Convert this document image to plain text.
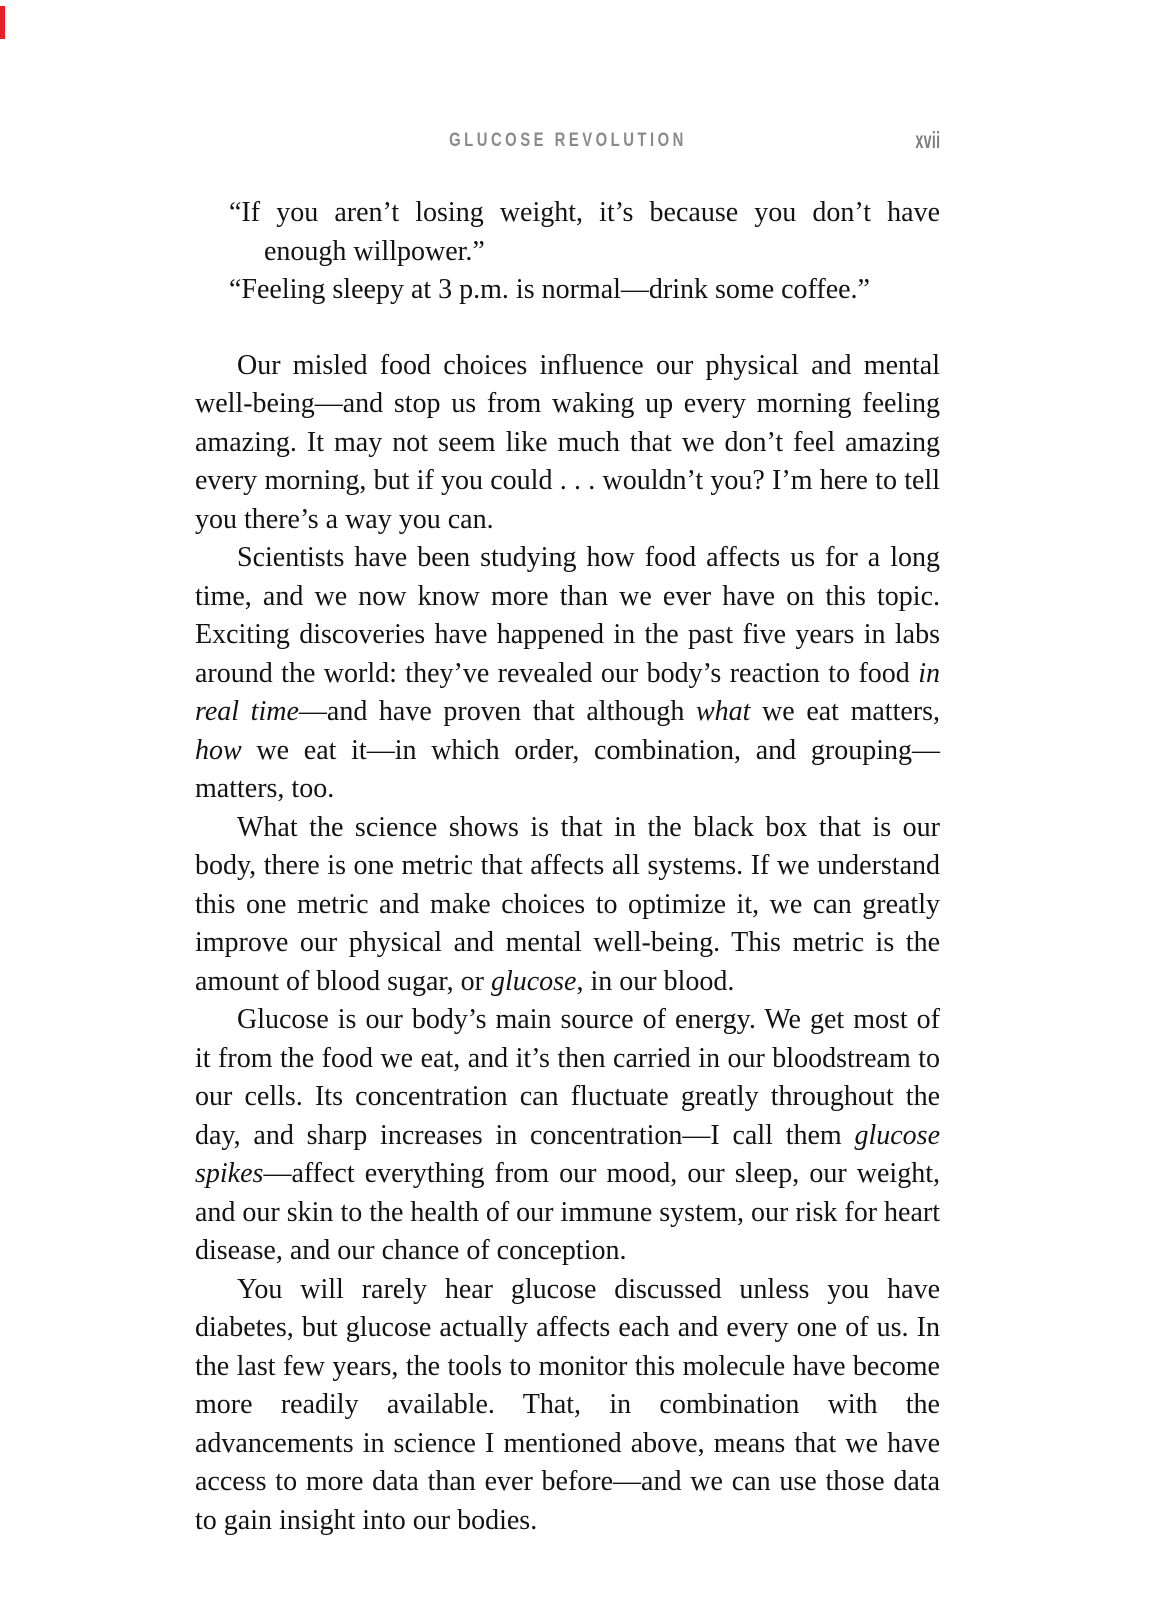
GLUCOSE REVOLUTION	xvii

“If you aren’t losing weight, it’s because you don’t have enough willpower.”

“Feeling sleepy at 3 p.m. is normal—drink some coffee.”

Our misled food choices influence our physical and mental well-being—and stop us from waking up every morning feeling amazing. It may not seem like much that we don’t feel amazing every morning, but if you could . . . wouldn’t you? I’m here to tell you there’s a way you can.

Scientists have been studying how food affects us for a long time, and we now know more than we ever have on this topic. Exciting discoveries have happened in the past five years in labs around the world: they’ve revealed our body’s reaction to food in real time—and have proven that although what we eat matters, how we eat it—in which order, combination, and grouping—matters, too.

What the science shows is that in the black box that is our body, there is one metric that affects all systems. If we understand this one metric and make choices to optimize it, we can greatly improve our physical and mental well-being. This metric is the amount of blood sugar, or glucose, in our blood.

Glucose is our body’s main source of energy. We get most of it from the food we eat, and it’s then carried in our bloodstream to our cells. Its concentration can fluctuate greatly throughout the day, and sharp increases in concentration—I call them glucose spikes—affect everything from our mood, our sleep, our weight, and our skin to the health of our immune system, our risk for heart disease, and our chance of conception.

You will rarely hear glucose discussed unless you have diabetes, but glucose actually affects each and every one of us. In the last few years, the tools to monitor this molecule have become more readily available. That, in combination with the advancements in science I mentioned above, means that we have access to more data than ever before—and we can use those data to gain insight into our bodies.
